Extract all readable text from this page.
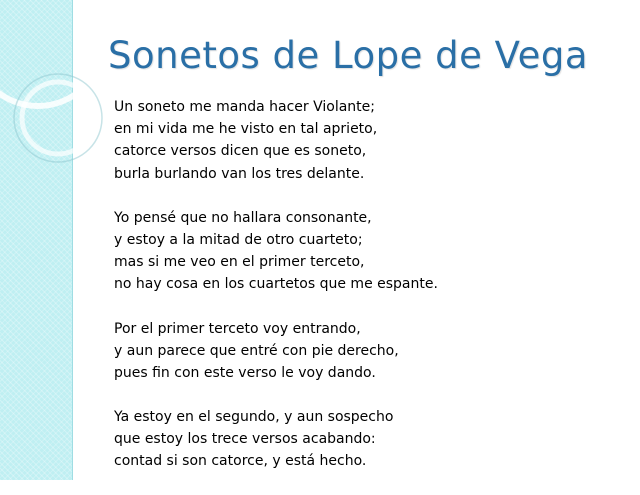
Sonetos de Lope de Vega
Un soneto me manda hacer Violante;
en mi vida me he visto en tal aprieto,
catorce versos dicen que es soneto,
burla burlando van los tres delante.
Yo pensé que no hallara consonante,
y estoy a la mitad de otro cuarteto;
mas si me veo en el primer terceto,
no hay cosa en los cuartetos que me espante.
Por el primer terceto voy entrando,
y aun parece que entré con pie derecho,
pues fin con este verso le voy dando.
Ya estoy en el segundo, y aun sospecho
que estoy los trece versos acabando:
contad si son catorce, y está hecho.
